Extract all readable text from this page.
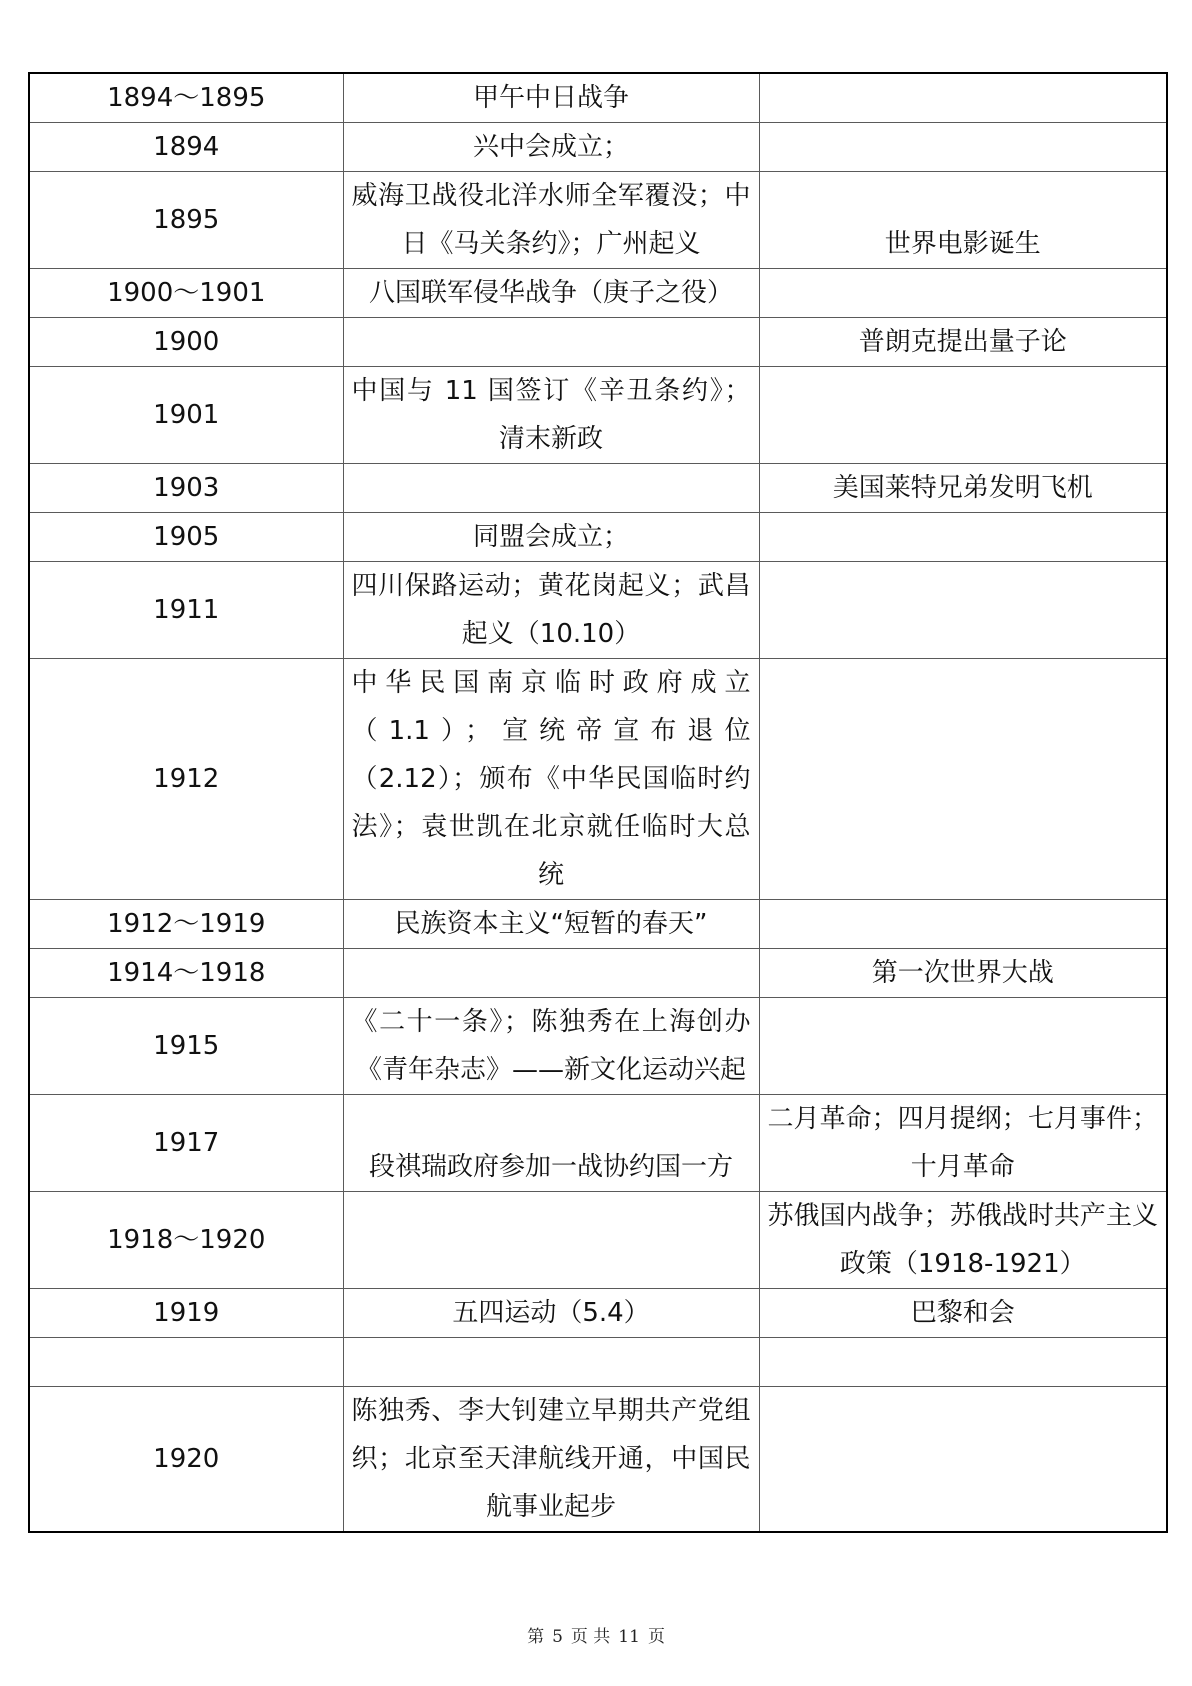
1894～1895	甲午中日战争	
1894	兴中会成立；	
1895	威海卫战役北洋水师全军覆没；中日《马关条约》；广州起义	世界电影诞生
1900～1901	八国联军侵华战争（庚子之役）	
1900		普朗克提出量子论
1901	中国与 11 国签订《辛丑条约》；清末新政	
1903		美国莱特兄弟发明飞机
1905	同盟会成立；	
1911	四川保路运动；黄花岗起义；武昌起义（10.10）	
1912	中华民国南京临时政府成立（1.1）；宣统帝宣布退位（2.12）；颁布《中华民国临时约法》；袁世凯在北京就任临时大总统	
1912～1919	民族资本主义“短暂的春天”	
1914～1918		第一次世界大战
1915	《二十一条》；陈独秀在上海创办《青年杂志》——新文化运动兴起	
1917	段祺瑞政府参加一战协约国一方	二月革命；四月提纲；七月事件；十月革命
1918～1920		苏俄国内战争；苏俄战时共产主义政策（1918-1921）
1919	五四运动（5.4）	巴黎和会

1920	陈独秀、李大钊建立早期共产党组织；北京至天津航线开通，中国民航事业起步	
第 5 页 共 11 页
